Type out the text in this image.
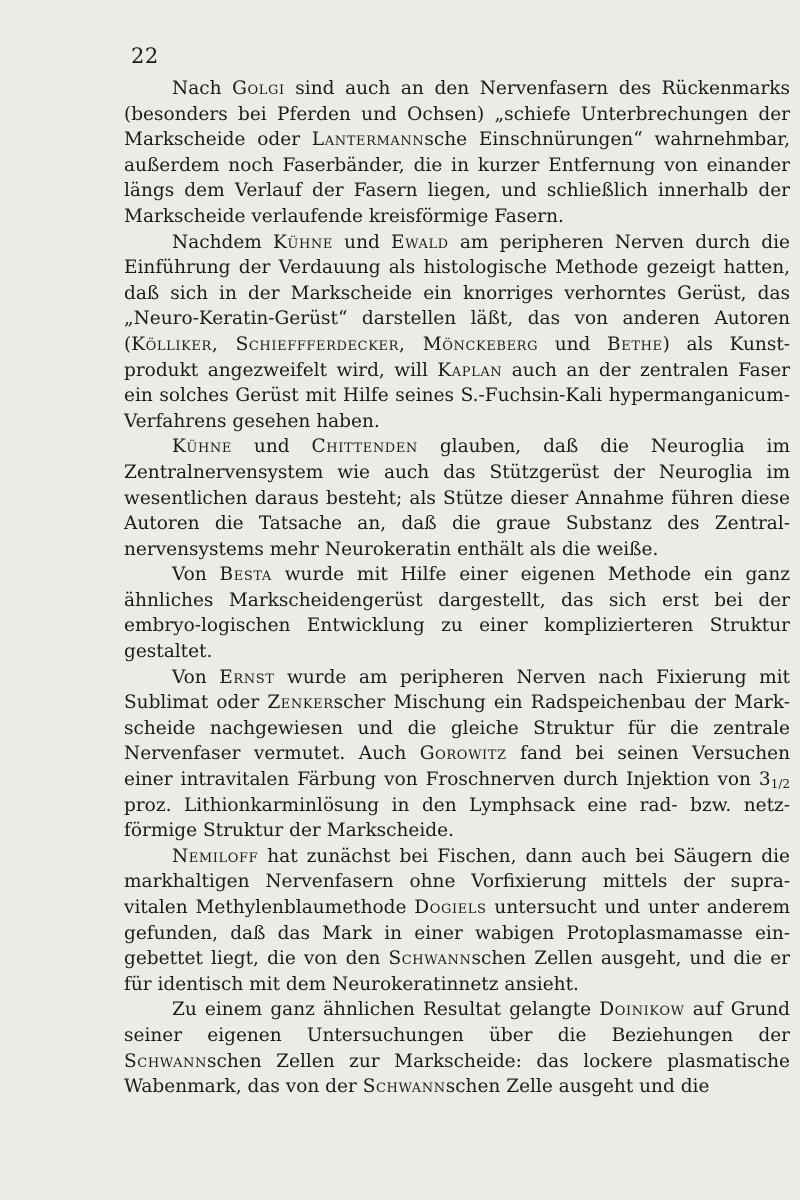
22

Nach Golgi sind auch an den Nervenfasern des Rückenmarks (besonders bei Pferden und Ochsen) „schiefe Unterbrechungen der Markscheide oder Lantermannsche Einschnürungen“ wahrnehmbar, außerdem noch Faserbänder, die in kurzer Entfernung von einander längs dem Verlauf der Fasern liegen, und schließlich innerhalb der Markscheide verlaufende kreisförmige Fasern.

Nachdem Kühne und Ewald am peripheren Nerven durch die Einführung der Verdauung als histologische Methode gezeigt hatten, daß sich in der Markscheide ein knorriges verhorntes Gerüst, das „Neuro-Keratin-Gerüst“ darstellen läßt, das von anderen Autoren (Kölliker, Schieffferdecker, Mönckeberg und Bethe) als Kunst-produkt angezweifelt wird, will Kaplan auch an der zentralen Faser ein solches Gerüst mit Hilfe seines S.-Fuchsin-Kali hypermanganicum-Verfahrens gesehen haben.

Kühne und Chittenden glauben, daß die Neuroglia im Zentralnervensystem wie auch das Stützgerüst der Neuroglia im wesentlichen daraus besteht; als Stütze dieser Annahme führen diese Autoren die Tatsache an, daß die graue Substanz des Zentral-nervensystems mehr Neurokeratin enthält als die weiße.

Von Besta wurde mit Hilfe einer eigenen Methode ein ganz ähnliches Markscheidengerüst dargestellt, das sich erst bei der embryo-logischen Entwicklung zu einer komplizierteren Struktur gestaltet.

Von Ernst wurde am peripheren Nerven nach Fixierung mit Sublimat oder Zenkerscher Mischung ein Radspeichenbau der Mark-scheide nachgewiesen und die gleiche Struktur für die zentrale Nervenfaser vermutet. Auch Gorowitz fand bei seinen Versuchen einer intravitalen Färbung von Froschnerven durch Injektion von $3_{1/2}$ proz. Lithionkarminlösung in den Lymphsack eine rad- bzw. netz-förmige Struktur der Markscheide.

Nemiloff hat zunächst bei Fischen, dann auch bei Säugern die markhaltigen Nervenfasern ohne Vorfixierung mittels der supra-vitalen Methylenblaumethode Dogiels untersucht und unter anderem gefunden, daß das Mark in einer wabigen Protoplasmamasse ein-gebettet liegt, die von den Schwannschen Zellen ausgeht, und die er für identisch mit dem Neurokeratinnetz ansieht.

Zu einem ganz ähnlichen Resultat gelangte Doinikow auf Grund seiner eigenen Untersuchungen über die Beziehungen der Schwannschen Zellen zur Markscheide: das lockere plasmatische Wabenmark, das von der Schwannschen Zelle ausgeht und die
